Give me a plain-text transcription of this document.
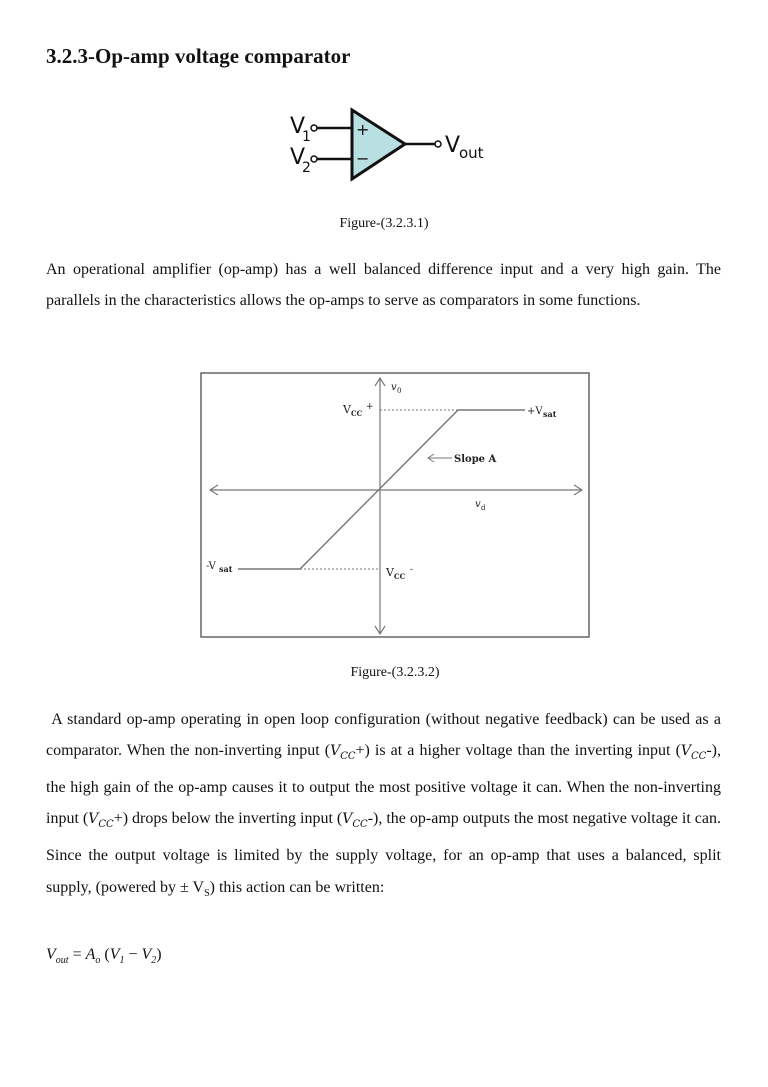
3.2.3-Op-amp voltage comparator
+
−
V
1
V
2
V
out
Figure-(3.2.3.1)

An operational amplifier (op-amp) has a well balanced difference input and a very high gain. The parallels in the characteristics allows the op-amps to serve as comparators in some functions.

v 0
v d
V CC
+
V CC
-
+V sat
-V sat
Slope A
Figure-(3.2.3.2)

A standard op-amp operating in open loop configuration (without negative feedback) can be used as a comparator. When the non-inverting input $(V_{CC}+)$ is at a higher voltage than the inverting input $(V_{CC}-)$, the high gain of the op-amp causes it to output the most positive voltage it can. When the non-inverting input $(V_{CC}+)$ drops below the inverting input $(V_{CC}-)$, the op-amp outputs the most negative voltage it can. Since the output voltage is limited by the supply voltage, for an op-amp that uses a balanced, split supply, (powered by ± $V_S$) this action can be written:

$V_{out} = A_o$ $(V_1 - V_2)$
